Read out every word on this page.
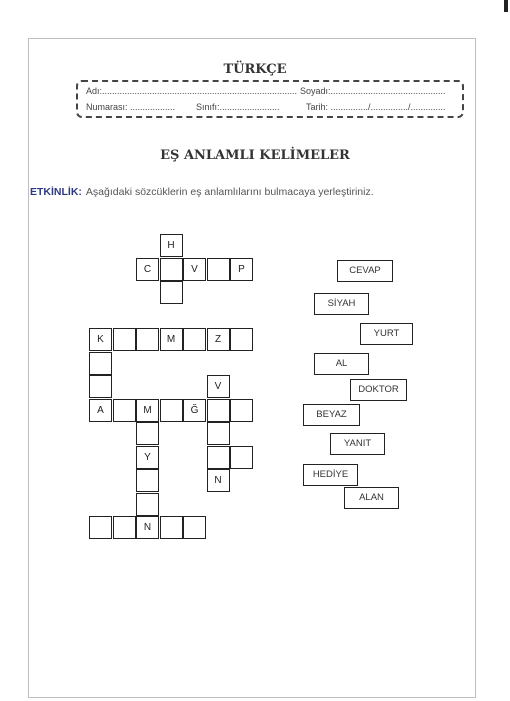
TÜRKÇE
Adı:.............................................................................. Soyadı:..............................................
Numarası: .................. Sınıfı:........................	Tarih: .............../.............../..............
EŞ ANLAMLI KELİMELER
ETKİNLİK: Aşağıdaki sözcüklerin eş anlamlılarını bulmacaya yerleştiriniz.
H
C	V	P
K	M	Z
V
A	M	Ğ
Y
N
N
CEVAP
SİYAH
YURT
AL
DOKTOR
BEYAZ
YANIT
HEDİYE
ALAN
